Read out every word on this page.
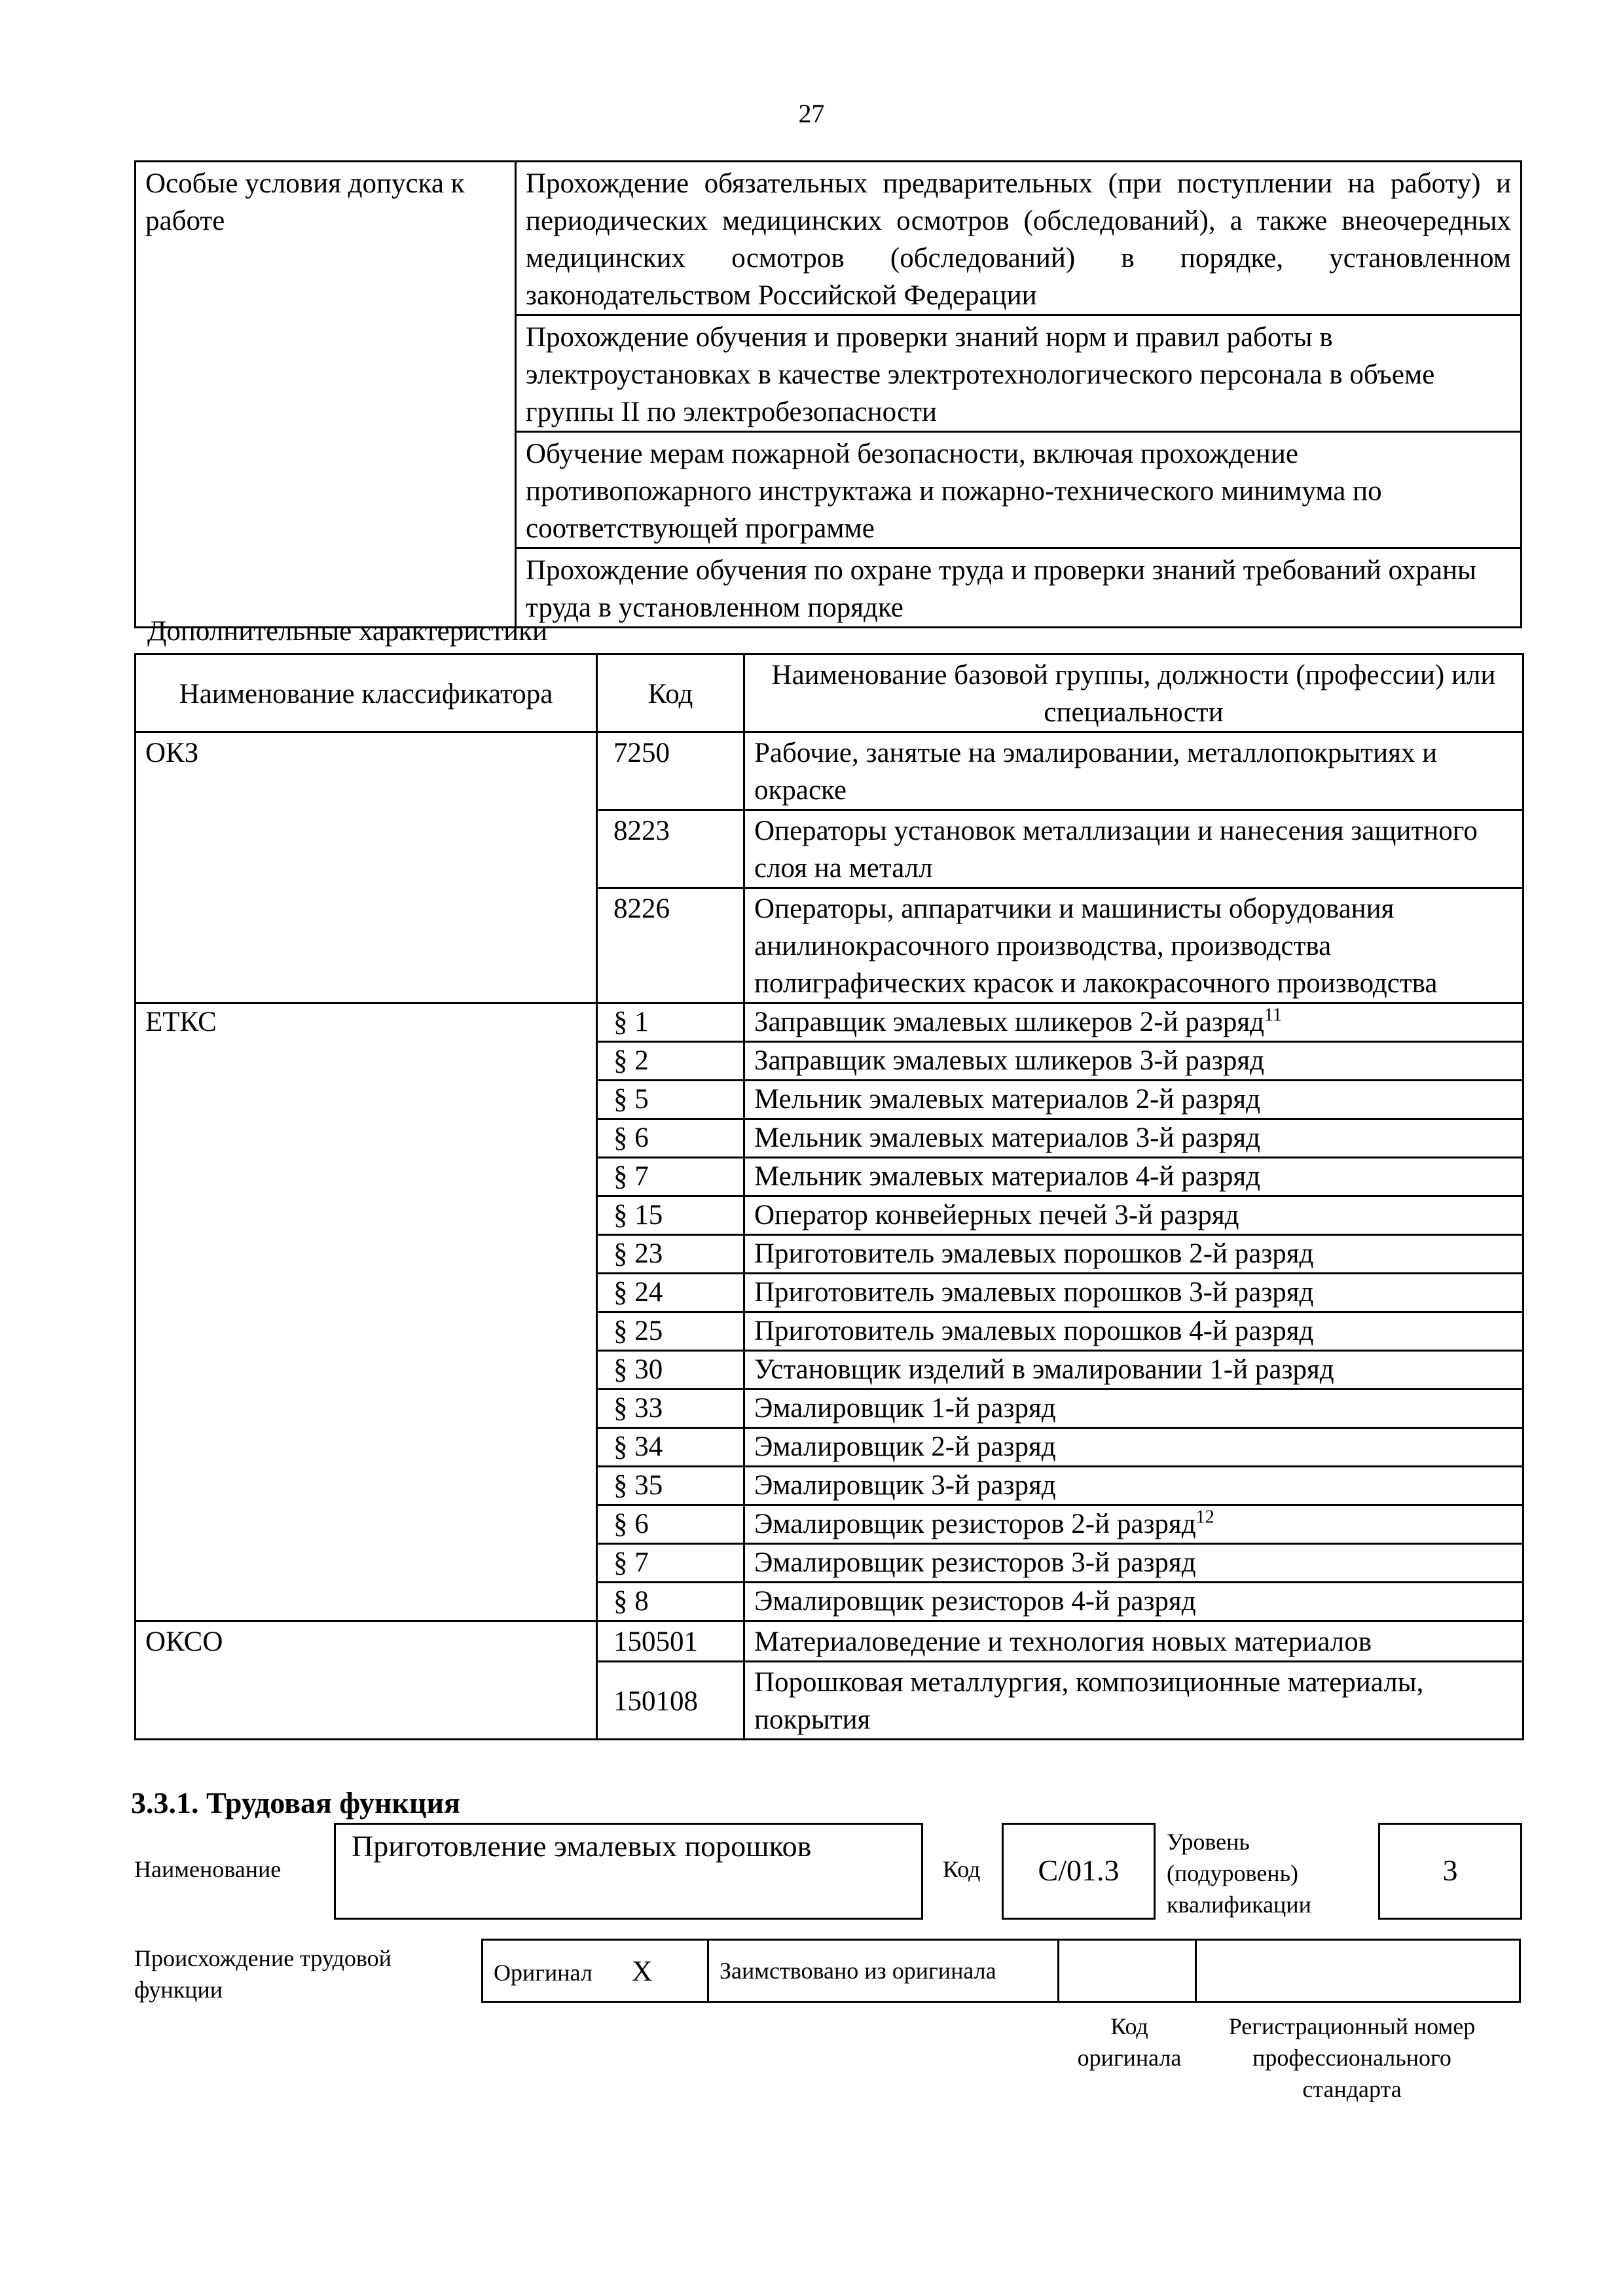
27
Особые условия допуска к работе	Прохождение обязательных предварительных (при поступлении на работу) и периодических медицинских осмотров (обследований), а также внеочередных медицинских осмотров (обследований) в порядке, установленном законодательством Российской Федерации
Прохождение обучения и проверки знаний норм и правил работы в электроустановках в качестве электротехнологического персонала в объеме группы II по электробезопасности
Обучение мерам пожарной безопасности, включая прохождение противопожарного инструктажа и пожарно-технического минимума по соответствующей программе
Прохождение обучения по охране труда и проверки знаний требований охраны труда в установленном порядке
Дополнительные характеристики
Наименование классификатора	Код	Наименование базовой группы, должности (профессии) или специальности
ОКЗ	7250	Рабочие, занятые на эмалировании, металлопокрытиях и окраске
	8223	Операторы установок металлизации и нанесения защитного слоя на металл
	8226	Операторы, аппаратчики и машинисты оборудования анилинокрасочного производства, производства полиграфических красок и лакокрасочного производства
ЕТКС	§ 1	Заправщик эмалевых шликеров 2-й разряд$^{11}$
	§ 2	Заправщик эмалевых шликеров 3-й разряд
	§ 5	Мельник эмалевых материалов 2-й разряд
	§ 6	Мельник эмалевых материалов 3-й разряд
	§ 7	Мельник эмалевых материалов 4-й разряд
	§ 15	Оператор конвейерных печей 3-й разряд
	§ 23	Приготовитель эмалевых порошков 2-й разряд
	§ 24	Приготовитель эмалевых порошков 3-й разряд
	§ 25	Приготовитель эмалевых порошков 4-й разряд
	§ 30	Установщик изделий в эмалировании 1-й разряд
	§ 33	Эмалировщик 1-й разряд
	§ 34	Эмалировщик 2-й разряд
	§ 35	Эмалировщик 3-й разряд
	§ 6	Эмалировщик резисторов 2-й разряд$^{12}$
	§ 7	Эмалировщик резисторов 3-й разряд
	§ 8	Эмалировщик резисторов 4-й разряд
ОКСО	150501	Материаловедение и технология новых материалов
	150108	Порошковая металлургия, композиционные материалы, покрытия
3.3.1. Трудовая функция
Наименование
Приготовление эмалевых порошков
Код	С/01.3
Уровень (подуровень) квалификации
3
Происхождение трудовой функции
Оригинал X	Заимствовано из оригинала		
Код оригинала
Регистрационный номер профессионального стандарта
